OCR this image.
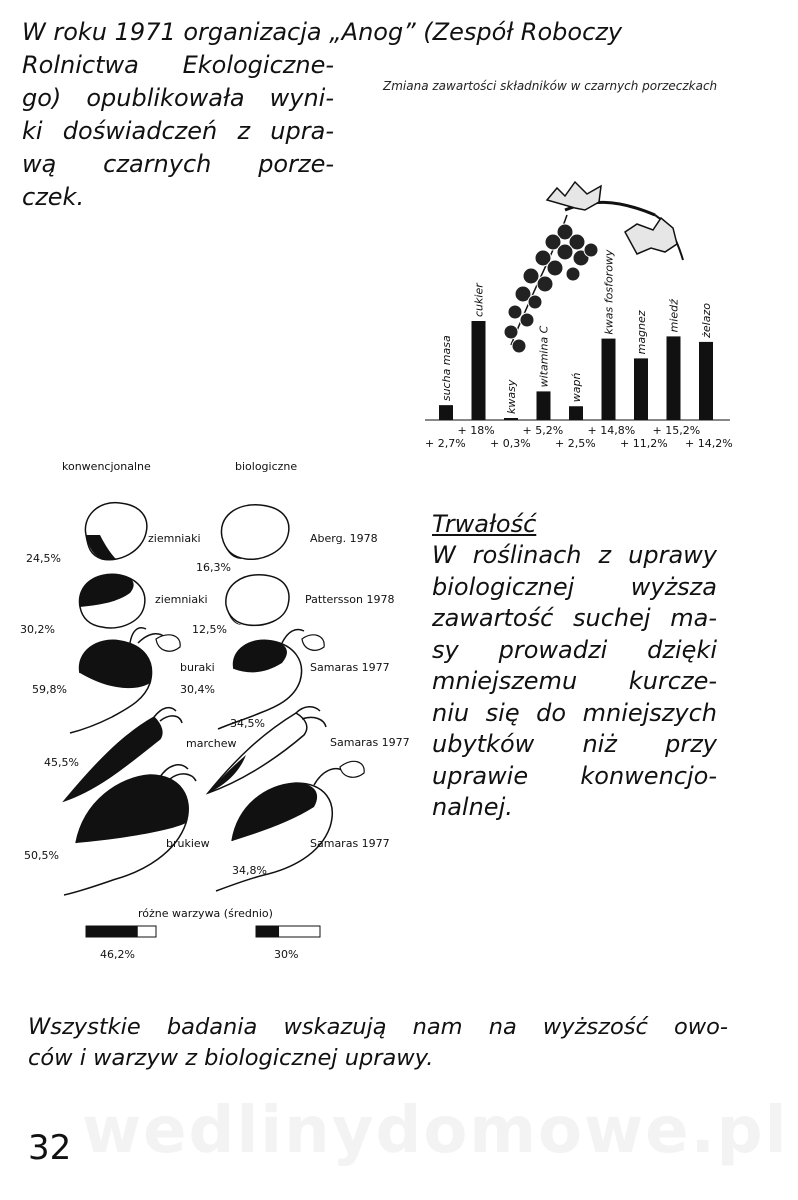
wedlinydomowe.pl
W roku 1971 organizacja „Anog” (Zespół Roboczy
Rolnictwa Ekologiczne-
go) opublikowała wyni-
ki doświadczeń z upra-
wą czarnych porze-
czek.
Zmiana zawartości składników w czarnych porzeczkach
sucha masa
+ 2,7%
cukier
+ 18%
kwasy
+ 0,3%
witamina C
+ 5,2%
wapń
+ 2,5%
kwas fosforowy
+ 14,8%
magnez
+ 11,2%
miedź
+ 15,2%
żelazo
+ 14,2%
konwencjonalne	biologiczne
ziemniaki
24,5%
16,3%
Aberg. 1978
ziemniaki
30,2%	12,5%
Pattersson 1978
buraki
59,8%	30,4%
Samaras 1977
marchew
45,5%
34,5%
Samaras 1977
brukiew
50,5%
34,8%
Samaras 1977
różne warzywa (średnio)
46,2%	30%
Trwałość
W roślinach z uprawy
biologicznej wyższa
zawartość suchej ma-
sy prowadzi dzięki
mniejszemu kurcze-
niu się do mniejszych
ubytków niż przy
uprawie konwencjo-
nalnej.
Wszystkie badania wskazują nam na wyższość owo-
ców i warzyw z biologicznej uprawy.
32
